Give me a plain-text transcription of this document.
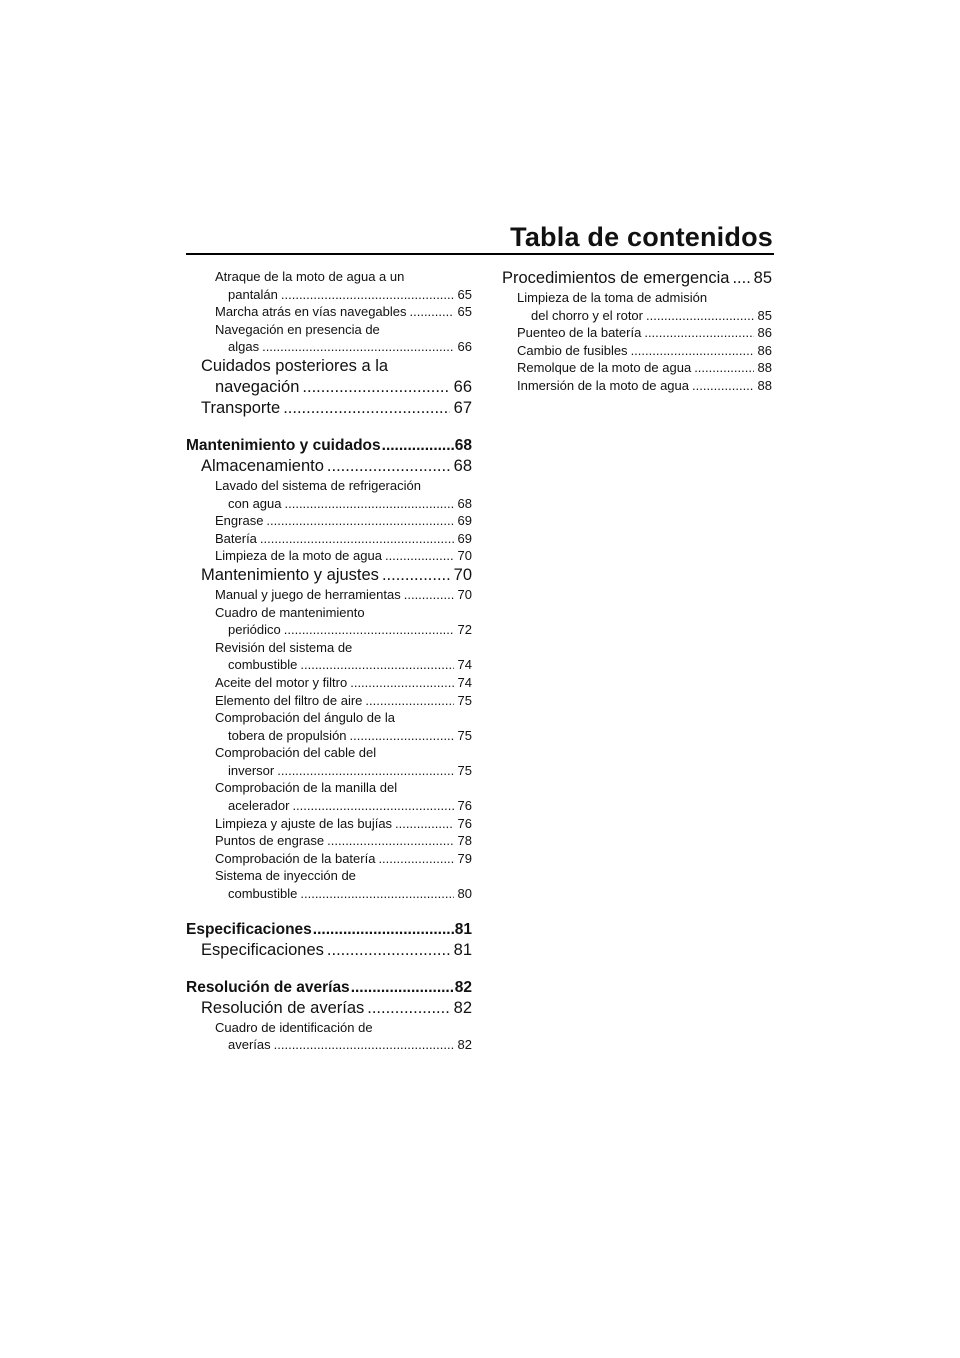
Tabla de contenidos
Atraque de la moto de agua a un
pantalán .....	65
Marcha atrás en vías navegables .....	65
Navegación en presencia de
algas .....	66
Cuidados posteriores a la
navegación .....	66
Transporte .....	67
Mantenimiento y cuidados .....	68
Almacenamiento .....	68
Lavado del sistema de refrigeración
con agua .....	68
Engrase .....	69
Batería .....	69
Limpieza de la moto de agua .....	70
Mantenimiento y ajustes .....	70
Manual y juego de herramientas .....	70
Cuadro de mantenimiento
periódico .....	72
Revisión del sistema de
combustible .....	74
Aceite del motor y filtro .....	74
Elemento del filtro de aire .....	75
Comprobación del ángulo de la
tobera de propulsión .....	75
Comprobación del cable del
inversor .....	75
Comprobación de la manilla del
acelerador .....	76
Limpieza y ajuste de las bujías .....	76
Puntos de engrase .....	78
Comprobación de la batería .....	79
Sistema de inyección de
combustible .....	80
Especificaciones .....	81
Especificaciones .....	81
Resolución de averías .....	82
Resolución de averías .....	82
Cuadro de identificación de
averías .....	82
Procedimientos de emergencia ..... 85
Limpieza de la toma de admisión
del chorro y el rotor .....	85
Puenteo de la batería .....	86
Cambio de fusibles .....	86
Remolque de la moto de agua .....	88
Inmersión de la moto de agua .....	88
